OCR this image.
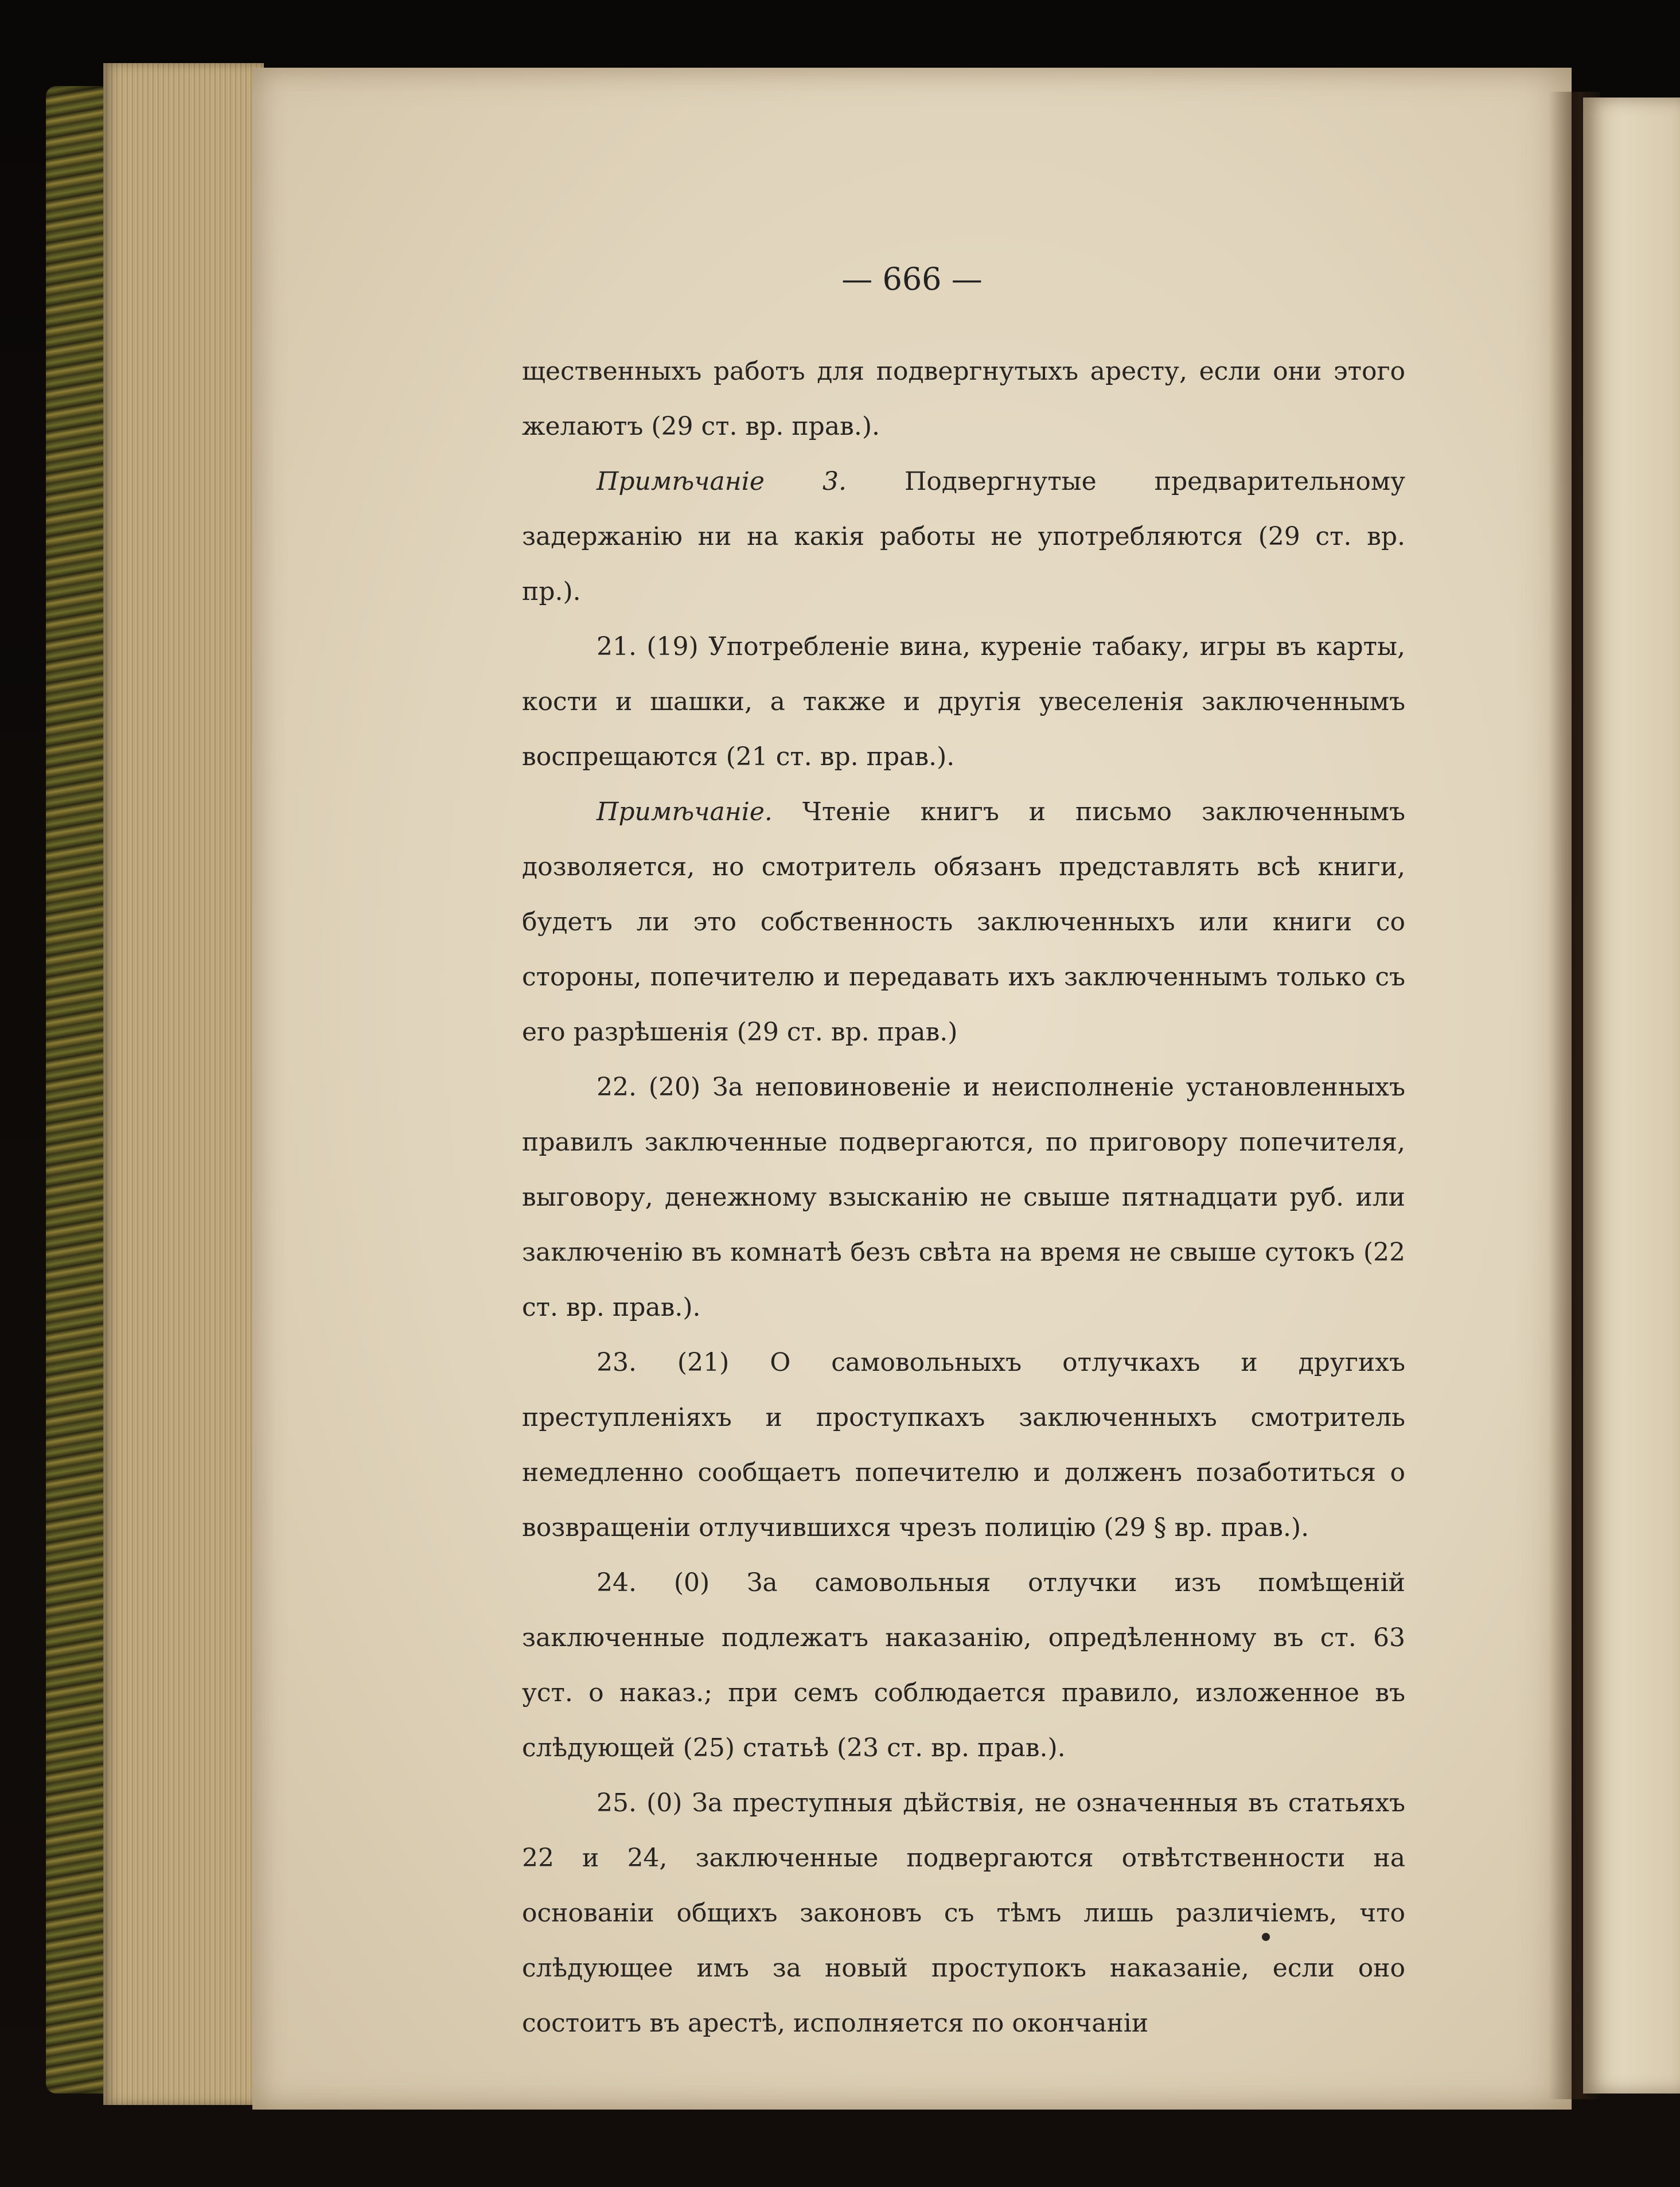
— 666 —

щественныхъ работъ для подвергнутыхъ аресту, если они этого желаютъ (29 ст. вр. прав.).

Примѣчаніе 3. Подвергнутые предварительному задержанію ни на какія работы не употребляются (29 ст. вр. пр.).

21. (19) Употребленіе вина, куреніе табаку, игры въ карты, кости и шашки, а также и другія увеселенія заключеннымъ воспрещаются (21 ст. вр. прав.).

Примѣчаніе. Чтеніе книгъ и письмо заключеннымъ дозволяется, но смотритель обязанъ представлять всѣ книги, будетъ ли это собственность заключенныхъ или книги со стороны, попечителю и передавать ихъ заключеннымъ только съ его разрѣшенія (29 ст. вр. прав.)

22. (20) За неповиновеніе и неисполненіе установленныхъ правилъ заключенные подвергаются, по приговору попечителя, выговору, денежному взысканію не свыше пятнадцати руб. или заключенію въ комнатѣ безъ свѣта на время не свыше сутокъ (22 ст. вр. прав.).

23. (21) О самовольныхъ отлучкахъ и другихъ преступленіяхъ и проступкахъ заключенныхъ смотритель немедленно сообщаетъ попечителю и долженъ позаботиться о возвращеніи отлучившихся чрезъ полицію (29 § вр. прав.).

24. (0) За самовольныя отлучки изъ помѣщеній заключенные подлежатъ наказанію, опредѣленному въ ст. 63 уст. о наказ.; при семъ соблюдается правило, изложенное въ слѣдующей (25) статьѣ (23 ст. вр. прав.).

25. (0) За преступныя дѣйствія, не означенныя въ статьяхъ 22 и 24, заключенные подвергаются отвѣтственности на основаніи общихъ законовъ съ тѣмъ лишь различіемъ, что слѣдующее имъ за новый проступокъ наказаніе, если оно состоитъ въ арестѣ, исполняется по окончаніи
